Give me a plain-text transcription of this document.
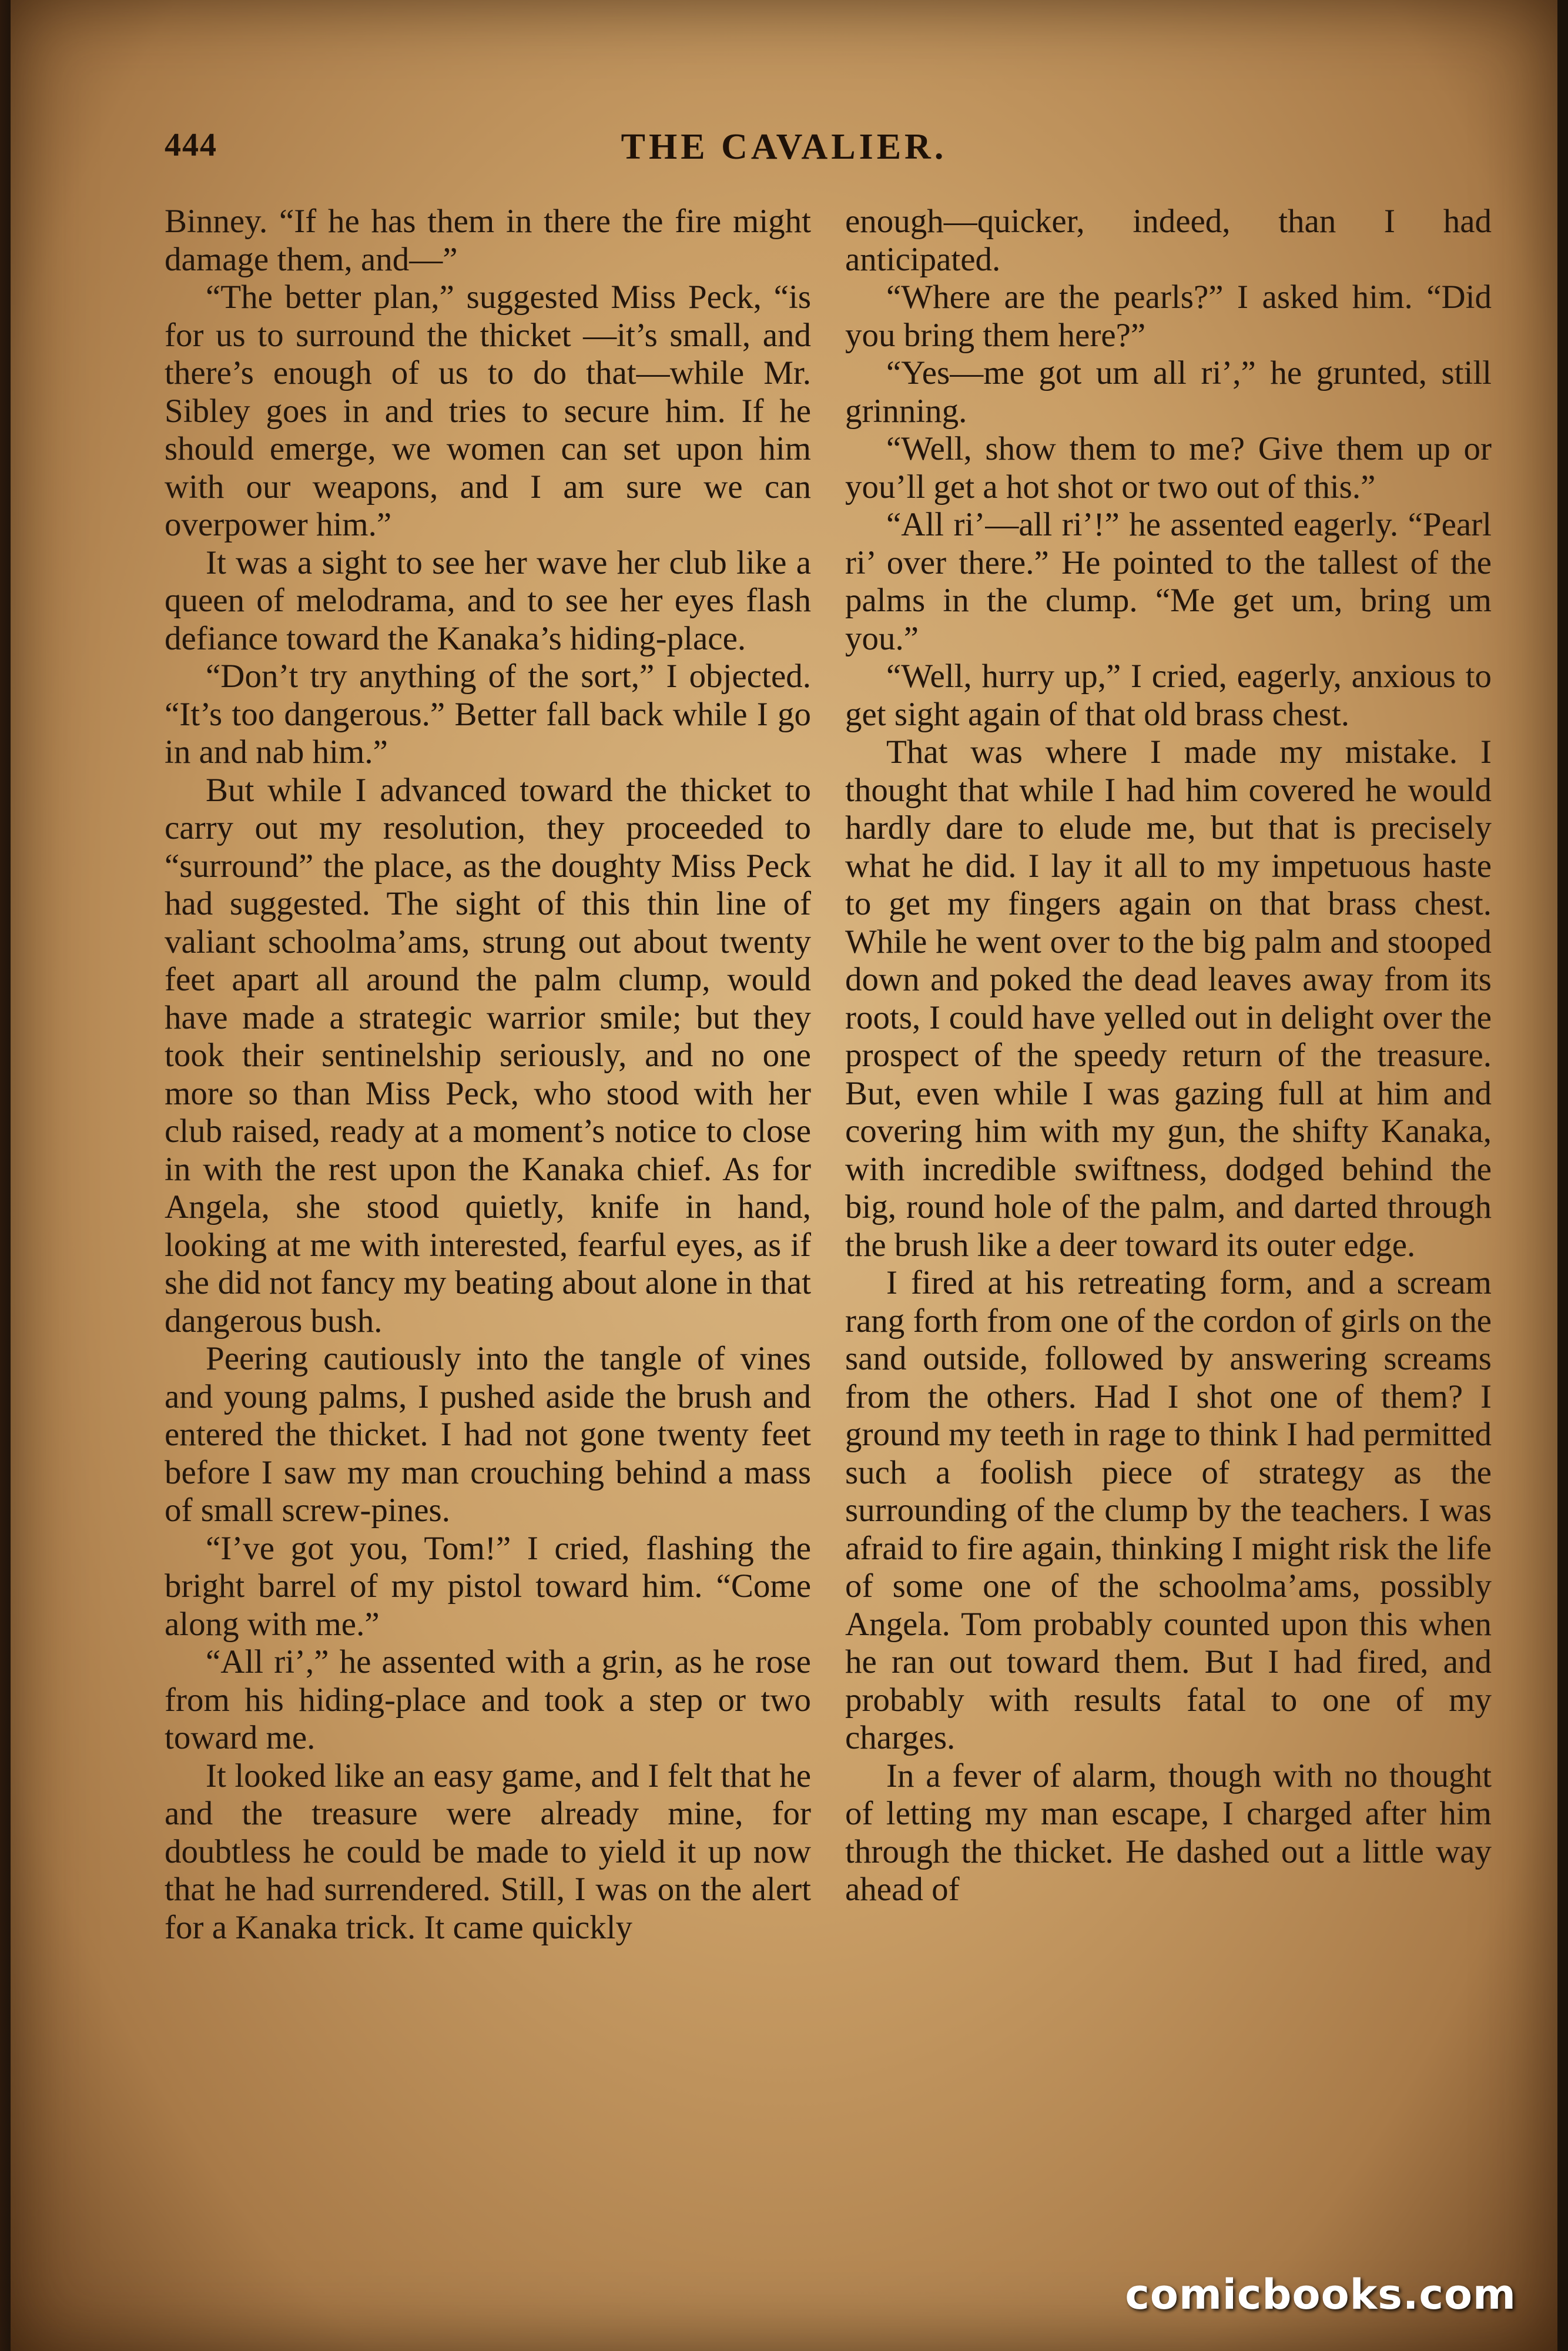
444	THE CAVALIER.

Binney. “If he has them in there the fire might damage them, and—”

“The better plan,” suggested Miss Peck, “is for us to surround the thicket —it’s small, and there’s enough of us to do that—while Mr. Sibley goes in and tries to secure him. If he should emerge, we women can set upon him with our weapons, and I am sure we can overpower him.”

It was a sight to see her wave her club like a queen of melodrama, and to see her eyes flash defiance toward the Kanaka’s hiding-place.

“Don’t try anything of the sort,” I objected. “It’s too dangerous.” Better fall back while I go in and nab him.”

But while I advanced toward the thicket to carry out my resolution, they proceeded to “surround” the place, as the doughty Miss Peck had suggested. The sight of this thin line of valiant schoolma’ams, strung out about twenty feet apart all around the palm clump, would have made a strategic warrior smile; but they took their sentinelship seriously, and no one more so than Miss Peck, who stood with her club raised, ready at a moment’s notice to close in with the rest upon the Kanaka chief. As for Angela, she stood quietly, knife in hand, looking at me with interested, fearful eyes, as if she did not fancy my beating about alone in that dangerous bush.

Peering cautiously into the tangle of vines and young palms, I pushed aside the brush and entered the thicket. I had not gone twenty feet before I saw my man crouching behind a mass of small screw-pines.

“I’ve got you, Tom!” I cried, flashing the bright barrel of my pistol toward him. “Come along with me.”

“All ri’,” he assented with a grin, as he rose from his hiding-place and took a step or two toward me.

It looked like an easy game, and I felt that he and the treasure were already mine, for doubtless he could be made to yield it up now that he had surrendered. Still, I was on the alert for a Kanaka trick. It came quickly

enough—quicker, indeed, than I had anticipated.

“Where are the pearls?” I asked him. “Did you bring them here?”

“Yes—me got um all ri’,” he grunted, still grinning.

“Well, show them to me? Give them up or you’ll get a hot shot or two out of this.”

“All ri’—all ri’!” he assented eagerly. “Pearl ri’ over there.” He pointed to the tallest of the palms in the clump. “Me get um, bring um you.”

“Well, hurry up,” I cried, eagerly, anxious to get sight again of that old brass chest.

That was where I made my mistake. I thought that while I had him covered he would hardly dare to elude me, but that is precisely what he did. I lay it all to my impetuous haste to get my fingers again on that brass chest. While he went over to the big palm and stooped down and poked the dead leaves away from its roots, I could have yelled out in delight over the prospect of the speedy return of the treasure. But, even while I was gazing full at him and covering him with my gun, the shifty Kanaka, with incredible swiftness, dodged behind the big, round hole of the palm, and darted through the brush like a deer toward its outer edge.

I fired at his retreating form, and a scream rang forth from one of the cordon of girls on the sand outside, followed by answering screams from the others. Had I shot one of them? I ground my teeth in rage to think I had permitted such a foolish piece of strategy as the surrounding of the clump by the teachers. I was afraid to fire again, thinking I might risk the life of some one of the schoolma’ams, possibly Angela. Tom probably counted upon this when he ran out toward them. But I had fired, and probably with results fatal to one of my charges.

In a fever of alarm, though with no thought of letting my man escape, I charged after him through the thicket. He dashed out a little way ahead of

comicbooks.com
